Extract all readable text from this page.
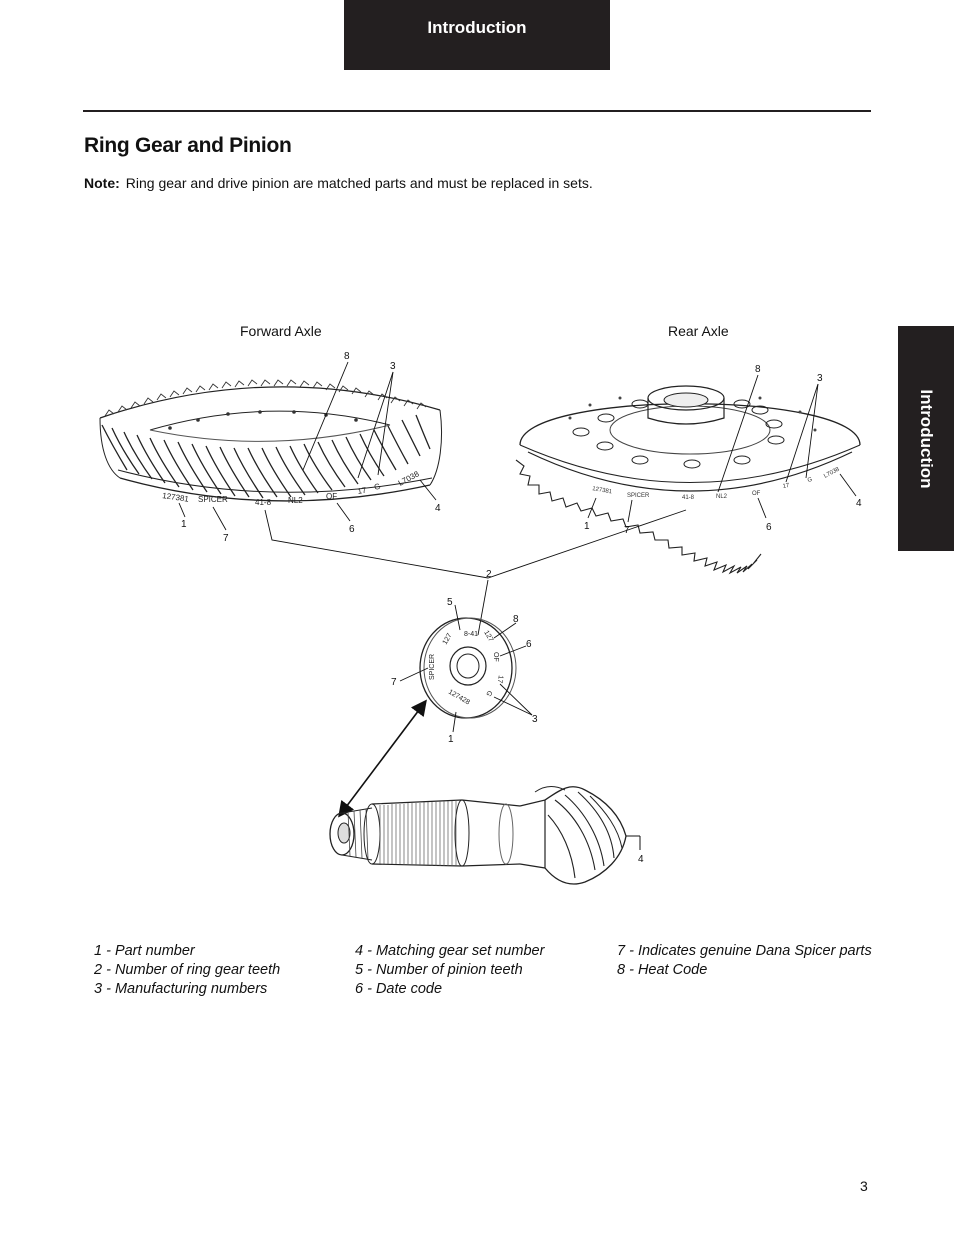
Introduction
Introduction
Ring Gear and Pinion
Note: Ring gear and drive pinion are matched parts and must be replaced in sets.
Forward Axle	Rear Axle
127381 SPICER	41-8 NL2	OF
17 G L7038
8
3
4
1
7
6
127381
SPICER	41-8	NL2	OF
17
G
L7038
8
3
4
1	7	6
2
8-41
127	127
OF
17
G
127428
SPICER
5
8
6
7
3
1
4
1 - Part number
2 - Number of ring gear teeth
3 - Manufacturing numbers
4 - Matching gear set number
5 - Number of pinion teeth
6 - Date code
7 - Indicates genuine Dana Spicer parts
8 - Heat Code
3
